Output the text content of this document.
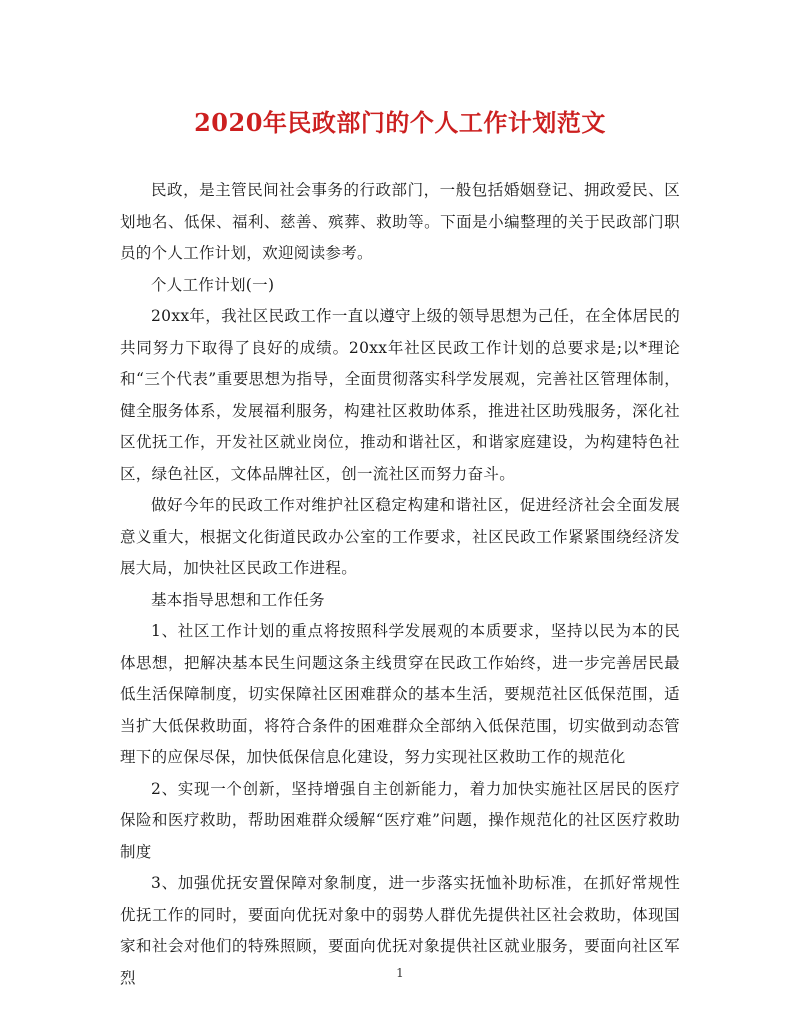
2020年民政部门的个人工作计划范文

民政，是主管民间社会事务的行政部门，一般包括婚姻登记、拥政爱民、区划地名、低保、福利、慈善、殡葬、救助等。下面是小编整理的关于民政部门职员的个人工作计划，欢迎阅读参考。

个人工作计划(一)

20xx年，我社区民政工作一直以遵守上级的领导思想为己任，在全体居民的共同努力下取得了良好的成绩。20xx年社区民政工作计划的总要求是;以*理论和“三个代表”重要思想为指导，全面贯彻落实科学发展观，完善社区管理体制，健全服务体系，发展福利服务，构建社区救助体系，推进社区助残服务，深化社区优抚工作，开发社区就业岗位，推动和谐社区，和谐家庭建设，为构建特色社区，绿色社区，文体品牌社区，创一流社区而努力奋斗。

做好今年的民政工作对维护社区稳定构建和谐社区，促进经济社会全面发展意义重大，根据文化街道民政办公室的工作要求，社区民政工作紧紧围绕经济发展大局，加快社区民政工作进程。

基本指导思想和工作任务

1、社区工作计划的重点将按照科学发展观的本质要求，坚持以民为本的民体思想，把解决基本民生问题这条主线贯穿在民政工作始终，进一步完善居民最低生活保障制度，切实保障社区困难群众的基本生活，要规范社区低保范围，适当扩大低保救助面，将符合条件的困难群众全部纳入低保范围，切实做到动态管理下的应保尽保，加快低保信息化建设，努力实现社区救助工作的规范化

2、实现一个创新，坚持增强自主创新能力，着力加快实施社区居民的医疗保险和医疗救助，帮助困难群众缓解“医疗难”问题，操作规范化的社区医疗救助制度

3、加强优抚安置保障对象制度，进一步落实抚恤补助标准，在抓好常规性优抚工作的同时，要面向优抚对象中的弱势人群优先提供社区社会救助，体现国家和社会对他们的特殊照顾，要面向优抚对象提供社区就业服务，要面向社区军烈	1
